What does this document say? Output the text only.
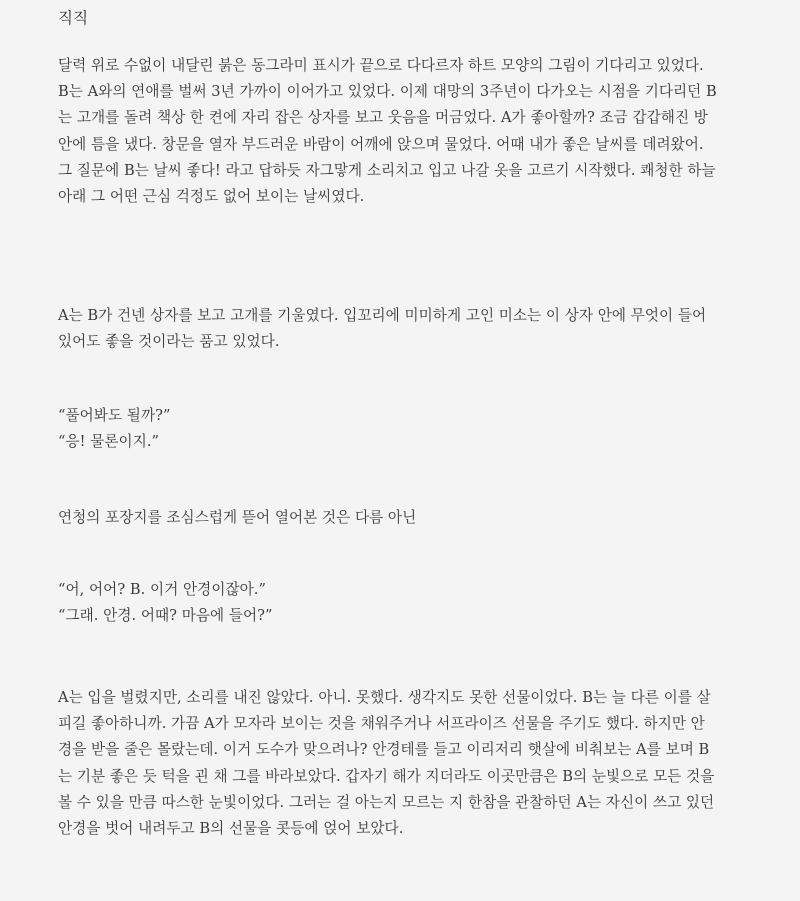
직직
달력 위로 수없이 내달린 붉은 동그라미 표시가 끝으로 다다르자 하트 모양의 그림이 기다리고 있었다.
B는 A와의 연애를 벌써 3년 가까이 이어가고 있었다. 이제 대망의 3주년이 다가오는 시점을 기다리던 B
는 고개를 돌려 책상 한 켠에 자리 잡은 상자를 보고 웃음을 머금었다. A가 좋아할까? 조금 갑갑해진 방
안에 틈을 냈다. 창문을 열자 부드러운 바람이 어깨에 앉으며 물었다. 어때 내가 좋은 날씨를 데려왔어.
그 질문에 B는 날씨 좋다! 라고 답하듯 자그맣게 소리치고 입고 나갈 옷을 고르기 시작했다. 쾌청한 하늘
아래 그 어떤 근심 걱정도 없어 보이는 날씨였다.
A는 B가 건넨 상자를 보고 고개를 기울였다. 입꼬리에 미미하게 고인 미소는 이 상자 안에 무엇이 들어
있어도 좋을 것이라는 품고 있었다.
“풀어봐도 될까?”
“응! 물론이지.”
연청의 포장지를 조심스럽게 뜯어 열어본 것은 다름 아닌
“어, 어어? B. 이거 안경이잖아.”
“그래. 안경. 어때? 마음에 들어?”
A는 입을 벌렸지만, 소리를 내진 않았다. 아니. 못했다. 생각지도 못한 선물이었다. B는 늘 다른 이를 살
피길 좋아하니까. 가끔 A가 모자라 보이는 것을 채워주거나 서프라이즈 선물을 주기도 했다. 하지만 안
경을 받을 줄은 몰랐는데. 이거 도수가 맞으려나? 안경테를 들고 이리저리 햇살에 비춰보는 A를 보며 B
는 기분 좋은 듯 턱을 괸 채 그를 바라보았다. 갑자기 해가 지더라도 이곳만큼은 B의 눈빛으로 모든 것을
볼 수 있을 만큼 따스한 눈빛이었다. 그러는 걸 아는지 모르는 지 한참을 관찰하던 A는 자신이 쓰고 있던
안경을 벗어 내려두고 B의 선물을 콧등에 얹어 보았다.
